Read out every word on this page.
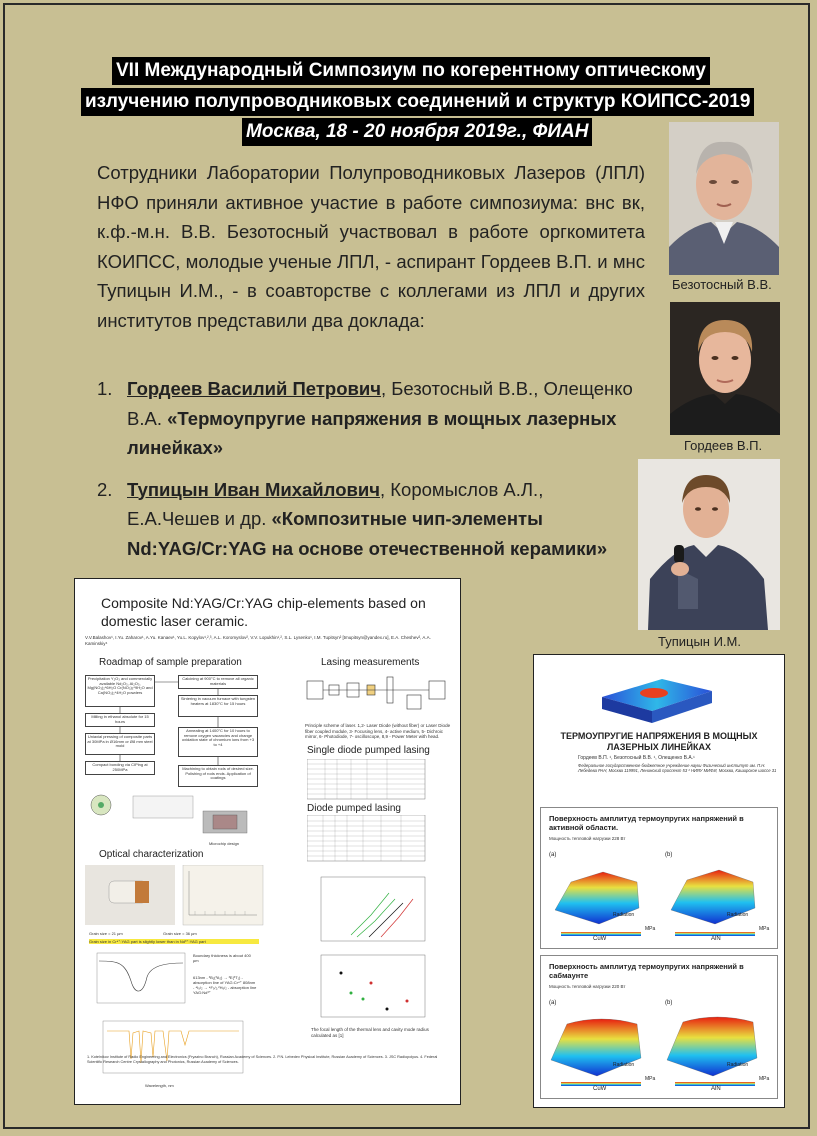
VII Международный Симпозиум по когерентному оптическому
излучению полупроводниковых соединений и структур КОИПСС-2019
Москва, 18 - 20 ноября 2019г., ФИАН
Сотрудники Лаборатории Полупроводниковых Лазеров (ЛПЛ) НФО приняли активное участие в работе симпозиума: внс вк, к.ф.-м.н. В.В. Безотосный участвовал в работе оргкомитета КОИПСС, молодые ученые ЛПЛ, - аспирант Гордеев В.П. и мнс Тупицын И.М., - в соавторстве с коллегами из ЛПЛ и других институтов представили два доклада:
1. Гордеев Василий Петрович, Безотосный В.В., Олещенко В.А. «Термоупругие напряжения в мощных лазерных линейках»
2. Тупицын Иван Михайлович, Коромыслов А.Л., Е.А.Чешев и др. «Композитные чип-элементы Nd:YAG/Cr:YAG на основе отечественной керамики»
Безотосный В.В.
Гордеев В.П.
Тупицын И.М.
Composite Nd:YAG/Cr:YAG chip-elements based on domestic laser ceramic.
V.V.Balashov¹, I.Yu. Zaharov¹, A.Yu. Kanaev¹, Yu.L. Kopylov¹,²,³, A.L. Koromyslov², V.V. Lopukhin¹,², S.L. Lysenko¹, I.M. Tupitsyn² [tmupitsyn@yandex.ru], E.A. Cheshev², A.A. Kaminskiy⁴
Roadmap of sample preparation	Lasing measurements
Precipitation Y₂O₃ and commercially available Nd₂O₃, Al₂O₃, Mg(NO₃)₂*6H₂O Cr(NO₃)₃*9H₂O and Ca(NO₃)₂*4H₂O powders
Milling in ethanol absolute for 15 hours
Uniaxial pressing of composite parts at 30MPa in Ø16mm or Ø8 mm steel mold
Compact bonding via CIPing at 250MPa
Calcining at 900°C to remove all organic materials
Sintering in vacuum furnace with tungsten heaters at 1830°C for 15 hours
Annealing at 1400°C for 10 hours to remove oxygen vacancies and change oxidation state of chromium ions from +3 to +4
Machining to obtain rods of desired size. Polishing of rods ends. Application of coatings
Microchip design
Optical characterization
Grain size = 21 µm	Grain size = 36 µm
Grain size in Cr⁴⁺:YAG part is slightly lower than in Nd³⁺:YAG part
Boundary thickness is about 400 µm
613nm - ³B₁(³A₂) → ³E(³T₁) - absorption line of YAG:Cr⁴⁺ 808nm - ⁴I₉/₂ → ⁴F₅/₂,²H₉/₂ - absorption line YAG:Nd³⁺
Wavelength, nm
Principle scheme of laser. 1,2- Laser Diode (without fiber) or Laser Diode fiber coupled module, 3- Focusing lens, 4- active medium, 5- Dichroic mirror, 6- Photodiode, 7- oscilloscope, 8,9 - Power Meter with head.
Single diode pumped lasing
Diode pumped lasing
The focal length of the thermal lens and cavity mode radius calculated as [1]
1. Kotelnikov Institute of Radio Engineering and Electronics (Fryazino Branch), Russian Academy of Sciences. 2. P.N. Lebedev Physical Institute, Russian Academy of Sciences. 3. JSC Radiopolyus. 4. Federal Scientific Research Centre Crystallography and Photonics, Russian Academy of Sciences.
ТЕРМОУПРУГИЕ НАПРЯЖЕНИЯ В МОЩНЫХ ЛАЗЕРНЫХ ЛИНЕЙКАХ
Гордеев В.П. ¹, Безотосный В.В. ¹, Олещенко В.А.¹
Федеральное государственное бюджетное учреждение науки Физический институт им. П.Н. Лебедева РАН, Москва 119991, Ленинский проспект 53 ² НИЯУ МИФИ, Москва, Каширское шоссе 31
Поверхность амплитуд термоупругих напряжений в активной области.
Мощность тепловой нагрузки 228 Вт
(a)	(b)
CuW	AlN
MPa	MPa
Radiation	Radiation
Поверхность амплитуд термоупругих напряжений в сабмаунте
Мощность тепловой нагрузки 220 Вт
(a)	(b)
CuW	AlN
MPa	MPa
Radiation	Radiation
